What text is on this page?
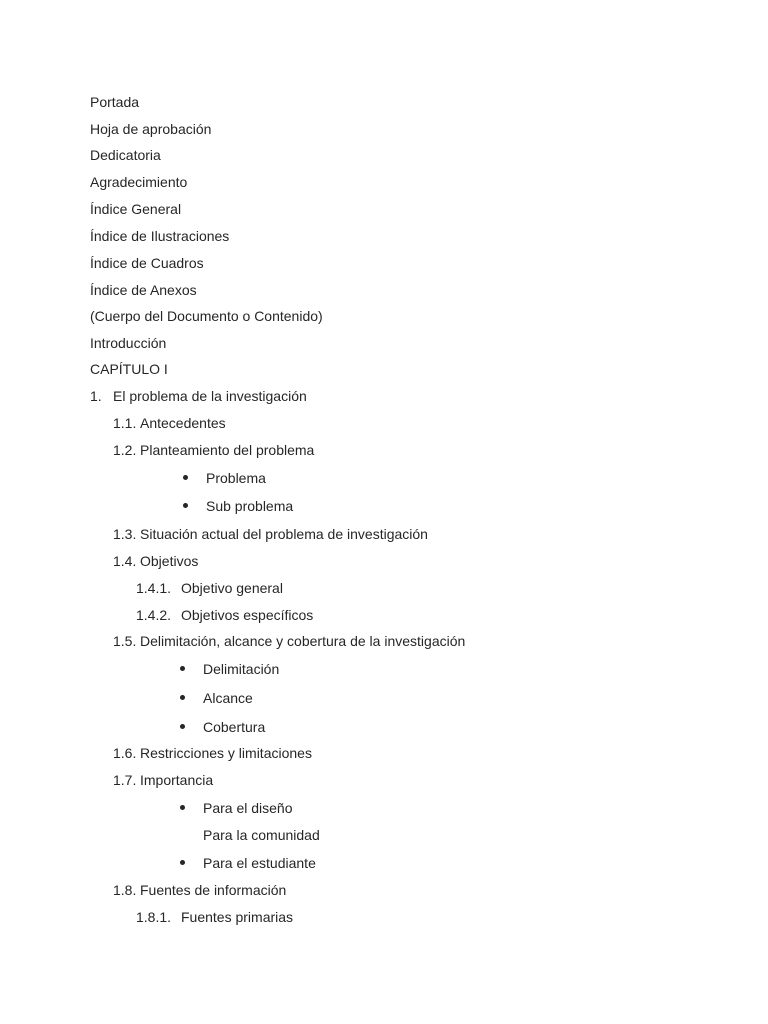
Portada
Hoja de aprobación
Dedicatoria
Agradecimiento
Índice General
Índice de Ilustraciones
Índice de Cuadros
Índice de Anexos
(Cuerpo del Documento o Contenido)
Introducción
CAPÍTULO I
1. El problema de la investigación
1.1. Antecedentes
1.2. Planteamiento del problema
Problema
Sub problema
1.3. Situación actual del problema de investigación
1.4. Objetivos
1.4.1. Objetivo general
1.4.2. Objetivos específicos
1.5. Delimitación, alcance y cobertura de la investigación
Delimitación
Alcance
Cobertura
1.6. Restricciones y limitaciones
1.7. Importancia
Para el diseño
Para la comunidad
Para el estudiante
1.8. Fuentes de información
1.8.1. Fuentes primarias
